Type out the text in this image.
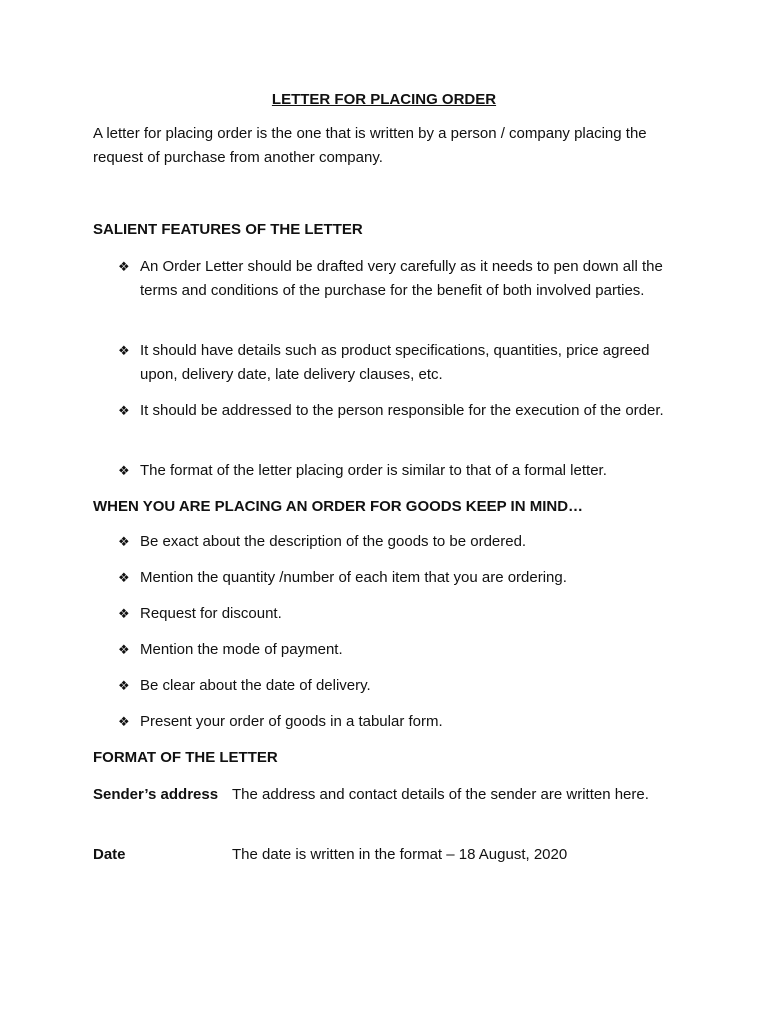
LETTER FOR PLACING ORDER
A letter for placing order is the one that is written by a person / company placing the request of purchase from another company.
SALIENT FEATURES OF THE LETTER
❖ An Order Letter should be drafted very carefully as it needs to pen down all the terms and conditions of the purchase for the benefit of both involved parties.
❖ It should have details such as product specifications, quantities, price agreed upon, delivery date, late delivery clauses, etc.
❖ It should be addressed to the person responsible for the execution of the order.
❖ The format of the letter placing order is similar to that of a formal letter.
WHEN YOU ARE PLACING AN ORDER FOR GOODS KEEP IN MIND…
❖ Be exact about the description of the goods to be ordered.
❖ Mention the quantity /number of each item that you are ordering.
❖ Request for discount.
❖ Mention the mode of payment.
❖ Be clear about the date of delivery.
❖ Present your order of goods in a tabular form.
FORMAT OF THE LETTER
Sender’s address The address and contact details of the sender are written here.
Date	The date is written in the format – 18 August, 2020
